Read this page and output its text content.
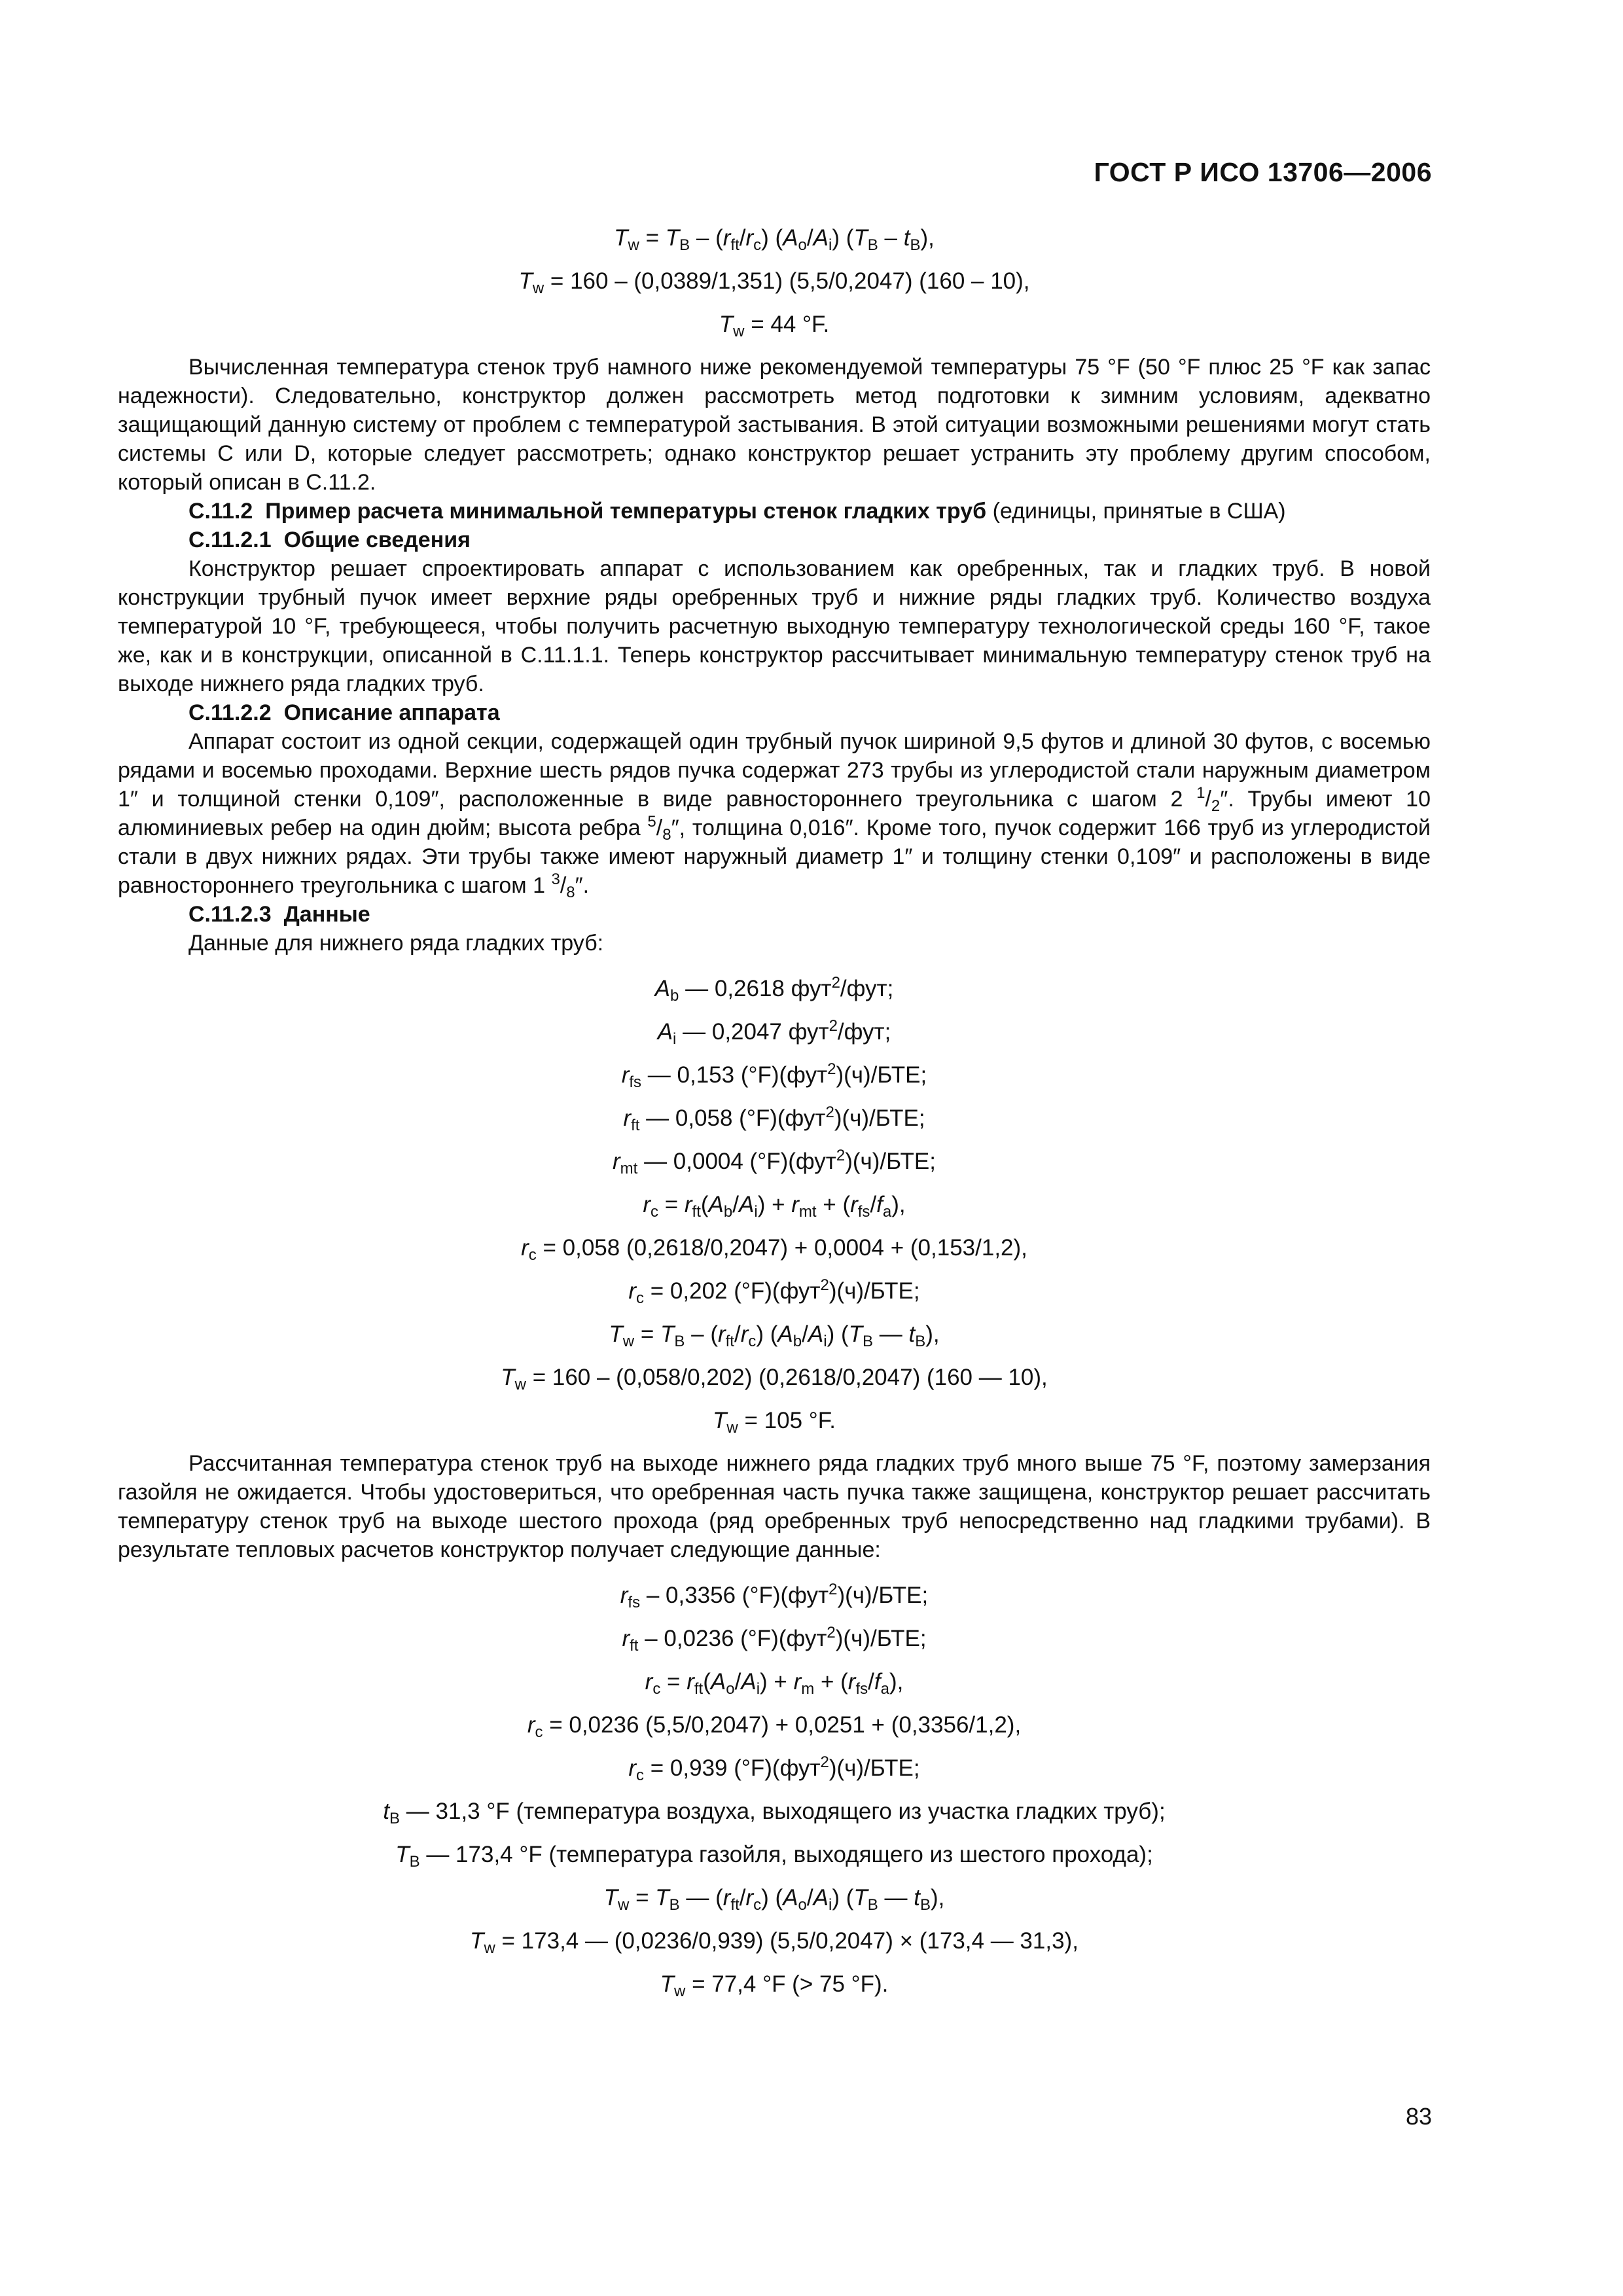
ГОСТ Р ИСО 13706—2006
$T_w = T_B - (r_{ft}/r_c)$ $(A_o/A_i)$ $(T_B - t_B)$,
$T_w = 160 - (0,0389/1,351)$ (5,5/0,2047) (160 – 10),
$T_w = 44$ °F.

Вычисленная температура стенок труб намного ниже рекомендуемой температуры 75 °F (50 °F плюс 25 °F как запас надежности). Следовательно, конструктор должен рассмотреть метод подготовки к зимним условиям, адекватно защищающий данную систему от проблем с температурой застывания. В этой ситуации возможными решениями могут стать системы C или D, которые следует рассмотреть; однако конструктор решает устранить эту проблему другим способом, который описан в С.11.2.

С.11.2 Пример расчета минимальной температуры стенок гладких труб (единицы, принятые в США)

С.11.2.1 Общие сведения

Конструктор решает спроектировать аппарат с использованием как оребренных, так и гладких труб. В новой конструкции трубный пучок имеет верхние ряды оребренных труб и нижние ряды гладких труб. Количество воздуха температурой 10 °F, требующееся, чтобы получить расчетную выходную температуру технологической среды 160 °F, такое же, как и в конструкции, описанной в С.11.1.1. Теперь конструктор рассчитывает минимальную температуру стенок труб на выходе нижнего ряда гладких труб.

С.11.2.2 Описание аппарата

Аппарат состоит из одной секции, содержащей один трубный пучок шириной 9,5 футов и длиной 30 футов, с восемью рядами и восемью проходами. Верхние шесть рядов пучка содержат 273 трубы из углеродистой стали наружным диаметром 1″ и толщиной стенки 0,109″, расположенные в виде равностороннего треугольника с шагом 2 $^1/_2''$. Трубы имеют 10 алюминиевых ребер на один дюйм; высота ребра $^5/_8''$, толщина 0,016″. Кроме того, пучок содержит 166 труб из углеродистой стали в двух нижних рядах. Эти трубы также имеют наружный диаметр 1″ и толщину стенки 0,109″ и расположены в виде равностороннего треугольника с шагом 1 $^3/_8''$.

С.11.2.3 Данные

Данные для нижнего ряда гладких труб:

$A_b$ — 0,2618 фут$^2$/фут;
$A_i$ — 0,2047 фут$^2$/фут;
$r_{fs}$ — 0,153 (°F)(фут$^2$)(ч)/БТЕ;
$r_{ft}$ — 0,058 (°F)(фут$^2$)(ч)/БТЕ;
$r_{mt}$ — 0,0004 (°F)(фут$^2$)(ч)/БТЕ;
$r_c = r_{ft}(A_b/A_i) + r_{mt} + (r_{fs}/f_a)$,
$r_c = 0,058$ (0,2618/0,2047) + 0,0004 + (0,153/1,2),
$r_c = 0,202$ (°F)(фут$^2$)(ч)/БТЕ;
$T_w = T_B - (r_{ft}/r_c)$ $(A_b/A_i)$ ($T_B$ — $t_B$),
$T_w = 160 - (0,058/0,202)$ (0,2618/0,2047) (160 — 10),
$T_w = 105$ °F.

Рассчитанная температура стенок труб на выходе нижнего ряда гладких труб много выше 75 °F, поэтому замерзания газойля не ожидается. Чтобы удостовериться, что оребренная часть пучка также защищена, конструктор решает рассчитать температуру стенок труб на выходе шестого прохода (ряд оребренных труб непосредственно над гладкими трубами). В результате тепловых расчетов конструктор получает следующие данные:

$r_{fs} - 0,3356$ (°F)(фут$^2$)(ч)/БТЕ;
$r_{ft} - 0,0236$ (°F)(фут$^2$)(ч)/БТЕ;
$r_c = r_{ft}(A_o/A_i) + r_m + (r_{fs}/f_a)$,
$r_c = 0,0236$ (5,5/0,2047) + 0,0251 + (0,3356/1,2),
$r_c = 0,939$ (°F)(фут$^2$)(ч)/БТЕ;
$t_B$ — 31,3 °F (температура воздуха, выходящего из участка гладких труб);
$T_B$ — 173,4 °F (температура газойля, выходящего из шестого прохода);
$T_w = T_B$ — $(r_{ft}/r_c)$ $(A_o/A_i)$ ($T_B$ — $t_B$),
$T_w = 173,4$ — (0,0236/0,939) (5,5/0,2047) × (173,4 — 31,3),
$T_w = 77,4$ °F (> 75 °F).
83
